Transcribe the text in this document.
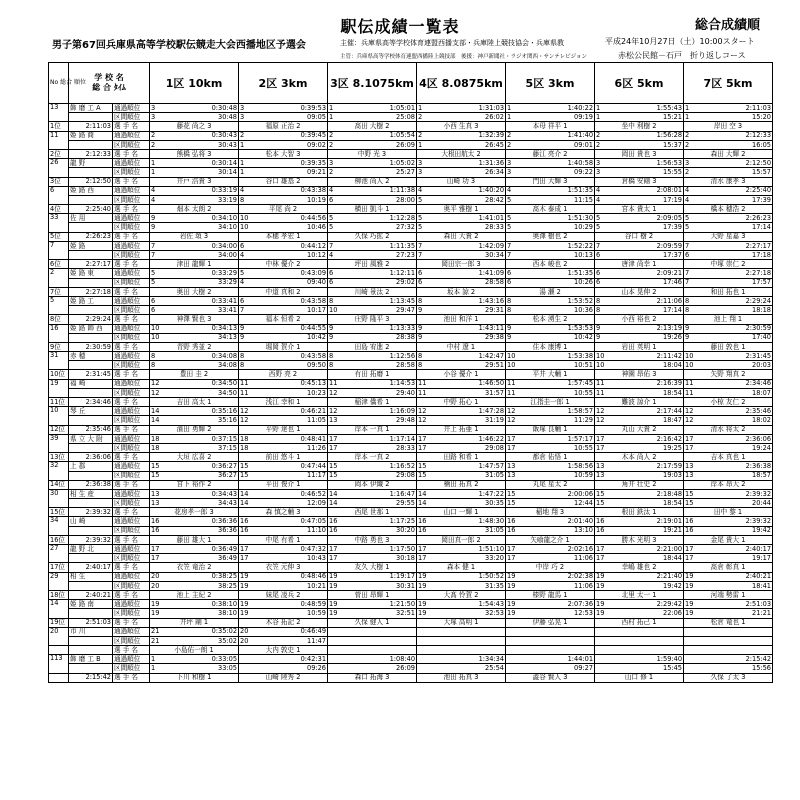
駅伝成績一覧表	総合成績順
男子第67回兵庫県高等学校駅伝競走大会西播地区予選会	主催：兵庫県高等学校体育連盟西播支部・兵庫陸上競技協会・兵庫県教	平成24年10月27日（土）10:00スタート
主管：兵庫県高等学校体育連盟西播陸上競技部　後援：神戸新聞社・ラジオ関西・サンテレビジョン	赤松公民館－石戸　折り返しコース
No 総合 順位	学 校 名
総 合 ﾀｲﾑ		1区 10km	2区 3km	3区 8.1075km	4区 8.0875km	5区 3km	6区 5km	7区 5km
13	飾 磨 工 A	通過順位	3 0:30:48	3 0:39:53	1 1:05:01	1 1:31:03	1 1:40:22	1 1:55:43	1 2:11:03

		区間順位	3 30:48	3 09:05	1 25:08	2 26:02	1 09:19	1 15:21	1 15:20

1位	2:11:03	選 手 名	藤花 尚之 3	福原 正治 2	髙田 大樹 2	小西 生真 3	本母 祥平 1	坐中 利樹 2	岸田 空 3
11	姫 路 商	通過順位	2 0:30:43	2 0:39:45	2 1:05:54	2 1:32:39	2 1:41:40	2 1:56:28	2 2:12:33

		区間順位	2 30:43	1 09:02	2 26:09	1 26:45	2 09:01	2 15:37	2 16:05

2位	2:12:33	選 手 名	熊橋 弘将 3	松本 大智 3	中野 光 3	大根田航太 2	藤江 亮介 2	岡田 貴也 3	森田 大輝 2
26	龍 野	通過順位	1 0:30:14	1 0:39:35	3 1:05:02	3 1:31:36	3 1:40:58	3 1:56:53	3 2:12:50

		区間順位	1 30:14	1 09:21	2 25:27	3 26:34	3 09:22	3 15:55	2 15:57

3位	2:12:50	選 手 名	井戸 浩貴 3	谷口 雄基 2	柳池 尚人 2	山崎 功 3	門田 大輝 3	倉橋 安剛 3	清水 康孝 3
6	姫 路 西	通過順位	4 0:33:19	4 0:43:38	4 1:11:38	4 1:40:20	4 1:51:35	4 2:08:01	4 2:25:40

		区間順位	4 33:19	8 10:19	6 28:00	5 28:42	5 11:15	4 17:19	4 17:39

4位	2:25:40	選 手 名	畑本 太朗 2	平尾 尚 2	横田 凱斗 1	奥平 雅樹 1	髙木 泰成 1	宮本 貴太 1	橋本 穂浩 2
33	佐 用	通過順位	9 0:34:10	10 0:44:56	5 1:12:28	5 1:41:01	5 1:51:30	5 2:09:05	5 2:26:23

		区間順位	9 34:10	10 10:46	5 27:32	5 28:33	5 10:29	5 17:39	5 17:14

5位	2:26:23	選 手 名	岩佐 頌 3	本穂 孝宏 1	久保 巧拡 2	森田 大貴 2	奥澤 樹也 2	谷口 樹 2	大野 星嘉 3
7	姫 路	通過順位	7 0:34:00	6 0:44:12	7 1:11:35	7 1:42:09	7 1:52:22	7 2:09:59	7 2:27:17

		区間順位	7 34:00	4 10:12	4 27:23	7 30:34	7 10:13	6 17:37	6 17:18

6位	2:27:17	選 手 名	津田 龍輝 1	中林 優介 2	坪田 風雅 2	岡田宗一郎 3	西本 峻也 2	唐津 尚幸 1	中塚 崇仁 2
2	姫 路 東	通過順位	5 0:33:29	5 0:43:09	6 1:12:11	6 1:41:09	6 1:51:35	6 2:09:21	7 2:27:18

		区間順位	5 33:29	4 09:40	6 29:02	6 28:58	6 10:26	6 17:46	7 17:57

7位	2:27:18	選 手 名	奥田 大樹 2	中道 真和 2	川崎 景汰 2	坂本 諒 2	湯 瀬 2	山本 晃伸 2	和田 拓也 1
5	姫 路 工	通過順位	6 0:33:41	6 0:43:58	8 1:13:45	8 1:43:16	8 1:53:52	8 2:11:06	8 2:29:24

		区間順位	6 33:41	7 10:17	10 29:47	9 29:31	8 10:36	8 17:14	8 18:18

8位	2:29:24	選 手 名	神澤 賢也 3	福本 恒希 2	庄野 隆平 3	池田 和洋 1	松本 湧生 2	小西 裕也 2	池上 翔 1
16	姫 路 飾 西	通過順位	10 0:34:13	9 0:44:55	9 1:13:33	9 1:43:11	9 1:53:53	9 2:13:19	9 2:30:59

		区間順位	10 34:13	9 10:42	9 28:38	9 29:38	9 10:42	9 19:26	9 17:40

9位	2:30:59	選 手 名	青野 秀並 2	堀岡 賀介 1	田島 宥進 2	中村 遼 1	住本 康博 1	岩田 英明 1	藤田 敦也 1
31	赤 穂	通過順位	8 0:34:08	8 0:43:58	8 1:12:56	8 1:42:47	10 1:53:38	10 2:11:42	10 2:31:45

		区間順位	8 34:08	8 09:50	8 28:58	8 29:51	10 10:51	10 18:04	10 20:03

10位	2:31:45	選 手 名	豊田 圭 2	西野 亮 2	有田 拓磨 1	小谷 優介 1	平井 大輔 1	神園 昂佑 3	矢野 翔真 2
19	福 崎	通過順位	12 0:34:50	11 0:45:13	11 1:14:53	11 1:46:50	11 1:57:45	11 2:16:39	11 2:34:46

		区間順位	12 34:50	11 10:23	12 29:40	11 31:57	11 10:55	11 18:54	11 18:07

11位	2:34:46	選 手 名	吉田 高太 1	浅江 幸和 1	稲津 僑希 1	中野 拓心 1	江指圭一郎 1	難波 諒介 1	小椋 友仁 2
10	琴 丘	通過順位	14 0:35:16	12 0:46:21	12 1:16:09	12 1:47:28	12 1:58:57	12 2:17:44	12 2:35:46

		区間順位	14 35:16	12 11:05	13 29:48	12 31:19	12 11:29	12 18:47	12 18:02

12位	2:35:46	選 手 名	濱田 勇輝 2	平野 達也 1	岸本 一真 1	井上 拓亜 1	飯塚 良輔 1	丸山 大貴 2	清水 将太 2
39	県 立 大 附	通過順位	18 0:37:15	18 0:48:41	17 1:17:14	17 1:46:22	17 1:57:17	17 2:16:42	17 2:36:06

		区間順位	18 37:15	18 11:26	17 28:33	17 29:08	17 10:55	17 19:25	17 19:24

13位	2:36:06	選 手 名	大垣 広喜 2	前田 悠斗 1	岸本 一真 2	田路 和希 1	都倉 佑悟 1	木本 尚人 2	吉本 真也 1
32	上 郡	通過順位	15 0:36:27	15 0:47:44	15 1:16:52	15 1:47:57	13 1:58:56	13 2:17:59	13 2:36:38

		区間順位	15 36:27	15 11:17	15 29:08	15 31:05	13 10:59	13 19:03	13 18:57

14位	2:36:38	選 手 名	宮下 裕作 2	平田 俊介 1	岡本 伊織 2	楠田 拓真 2	丸尾 星太 2	角井 壮史 2	岸本 昂大 2
30	相 生 産	通過順位	13 0:34:43	14 0:46:52	14 1:16:47	14 1:47:22	15 2:00:06	15 2:18:48	15 2:39:32

		区間順位	13 34:43	14 12:09	14 29:55	14 30:35	15 12:44	15 18:54	15 20:44

15位	2:39:32	選 手 名	花房孝一郎 3	森 慎之輔 3	西尾 世那 1	山口 一輝 1	稲地 翔 3	根田 鉄汰 1	田中 黎 1
34	山 崎	通過順位	16 0:36:36	16 0:47:05	16 1:17:25	16 1:48:30	16 2:01:40	16 2:19:01	16 2:39:32

		区間順位	16 36:36	16 11:10	16 30:20	16 31:05	16 13:10	16 19:21	16 19:42

16位	2:39:32	選 手 名	藤田 雄大 1	中尾 有希 1	中路 勇也 3	岡田真一郎 2	矢喰龍之介 1	勝木 光明 3	金尾 貴大 1
27	龍 野 北	通過順位	17 0:36:49	17 0:47:32	17 1:17:50	17 1:51:10	17 2:02:16	17 2:21:00	17 2:40:17

		区間順位	17 36:49	17 10:43	17 30:18	17 33:20	17 11:06	17 18:44	17 19:17

17位	2:40:17	選 手 名	衣笠 竜治 2	衣笠 元伸 3	友久 大樹 1	森本 健 1	中岸 巧 2	幸嶋 雄也 2	髙倉 彰真 1
29	相 生	通過順位	20 0:38:25	19 0:48:46	19 1:19:17	19 1:50:52	19 2:02:38	19 2:21:40	19 2:40:21

		区間順位	20 38:25	19 10:21	19 30:31	19 31:35	19 11:06	19 19:42	19 18:41

18位	2:40:21	選 手 名	池上 主紀 2	妹尾 凌兵 2	菅田 昂輝 1	大髙 怜賀 2	榛野 龍馬 1	北里 太一 1	河端 勢雷 1
14	姫 路 南	通過順位	19 0:38:10	19 0:48:59	19 1:21:50	19 1:54:43	19 2:07:36	19 2:29:42	19 2:51:03

		区間順位	19 38:10	19 10:59	19 32:51	19 32:53	19 12:53	19 22:06	19 21:21

19位	2:51:03	選 手 名	井坪 剛 1	木谷 拓記 2	久保 健人 1	大塚 高明 1	伊藤 弘晃 1	西村 拓己 1	松倉 竜也 1
20	市 川	通過順位	21 0:35:02	20 0:46:49					

		区間順位	21 35:02	20 11:47					

		選 手 名	小島佑一朗 1	大内 敦史 1					
113	飾 磨 工 B	通過順位	1 0:33:05	0:42:31	1:08:40	1:34:34	1:44:01	1:59:40	2:15:42

		区間順位	1 33:05	09:26	26:09	25:54	09:27	15:45	15:56

	2:15:42	選 手 名	下川 和樹 1	山崎 陸秀 2	森口 拓海 3	池田 拓真 3	澁谷 賢人 3	山口 修 1	久保 了太 3
